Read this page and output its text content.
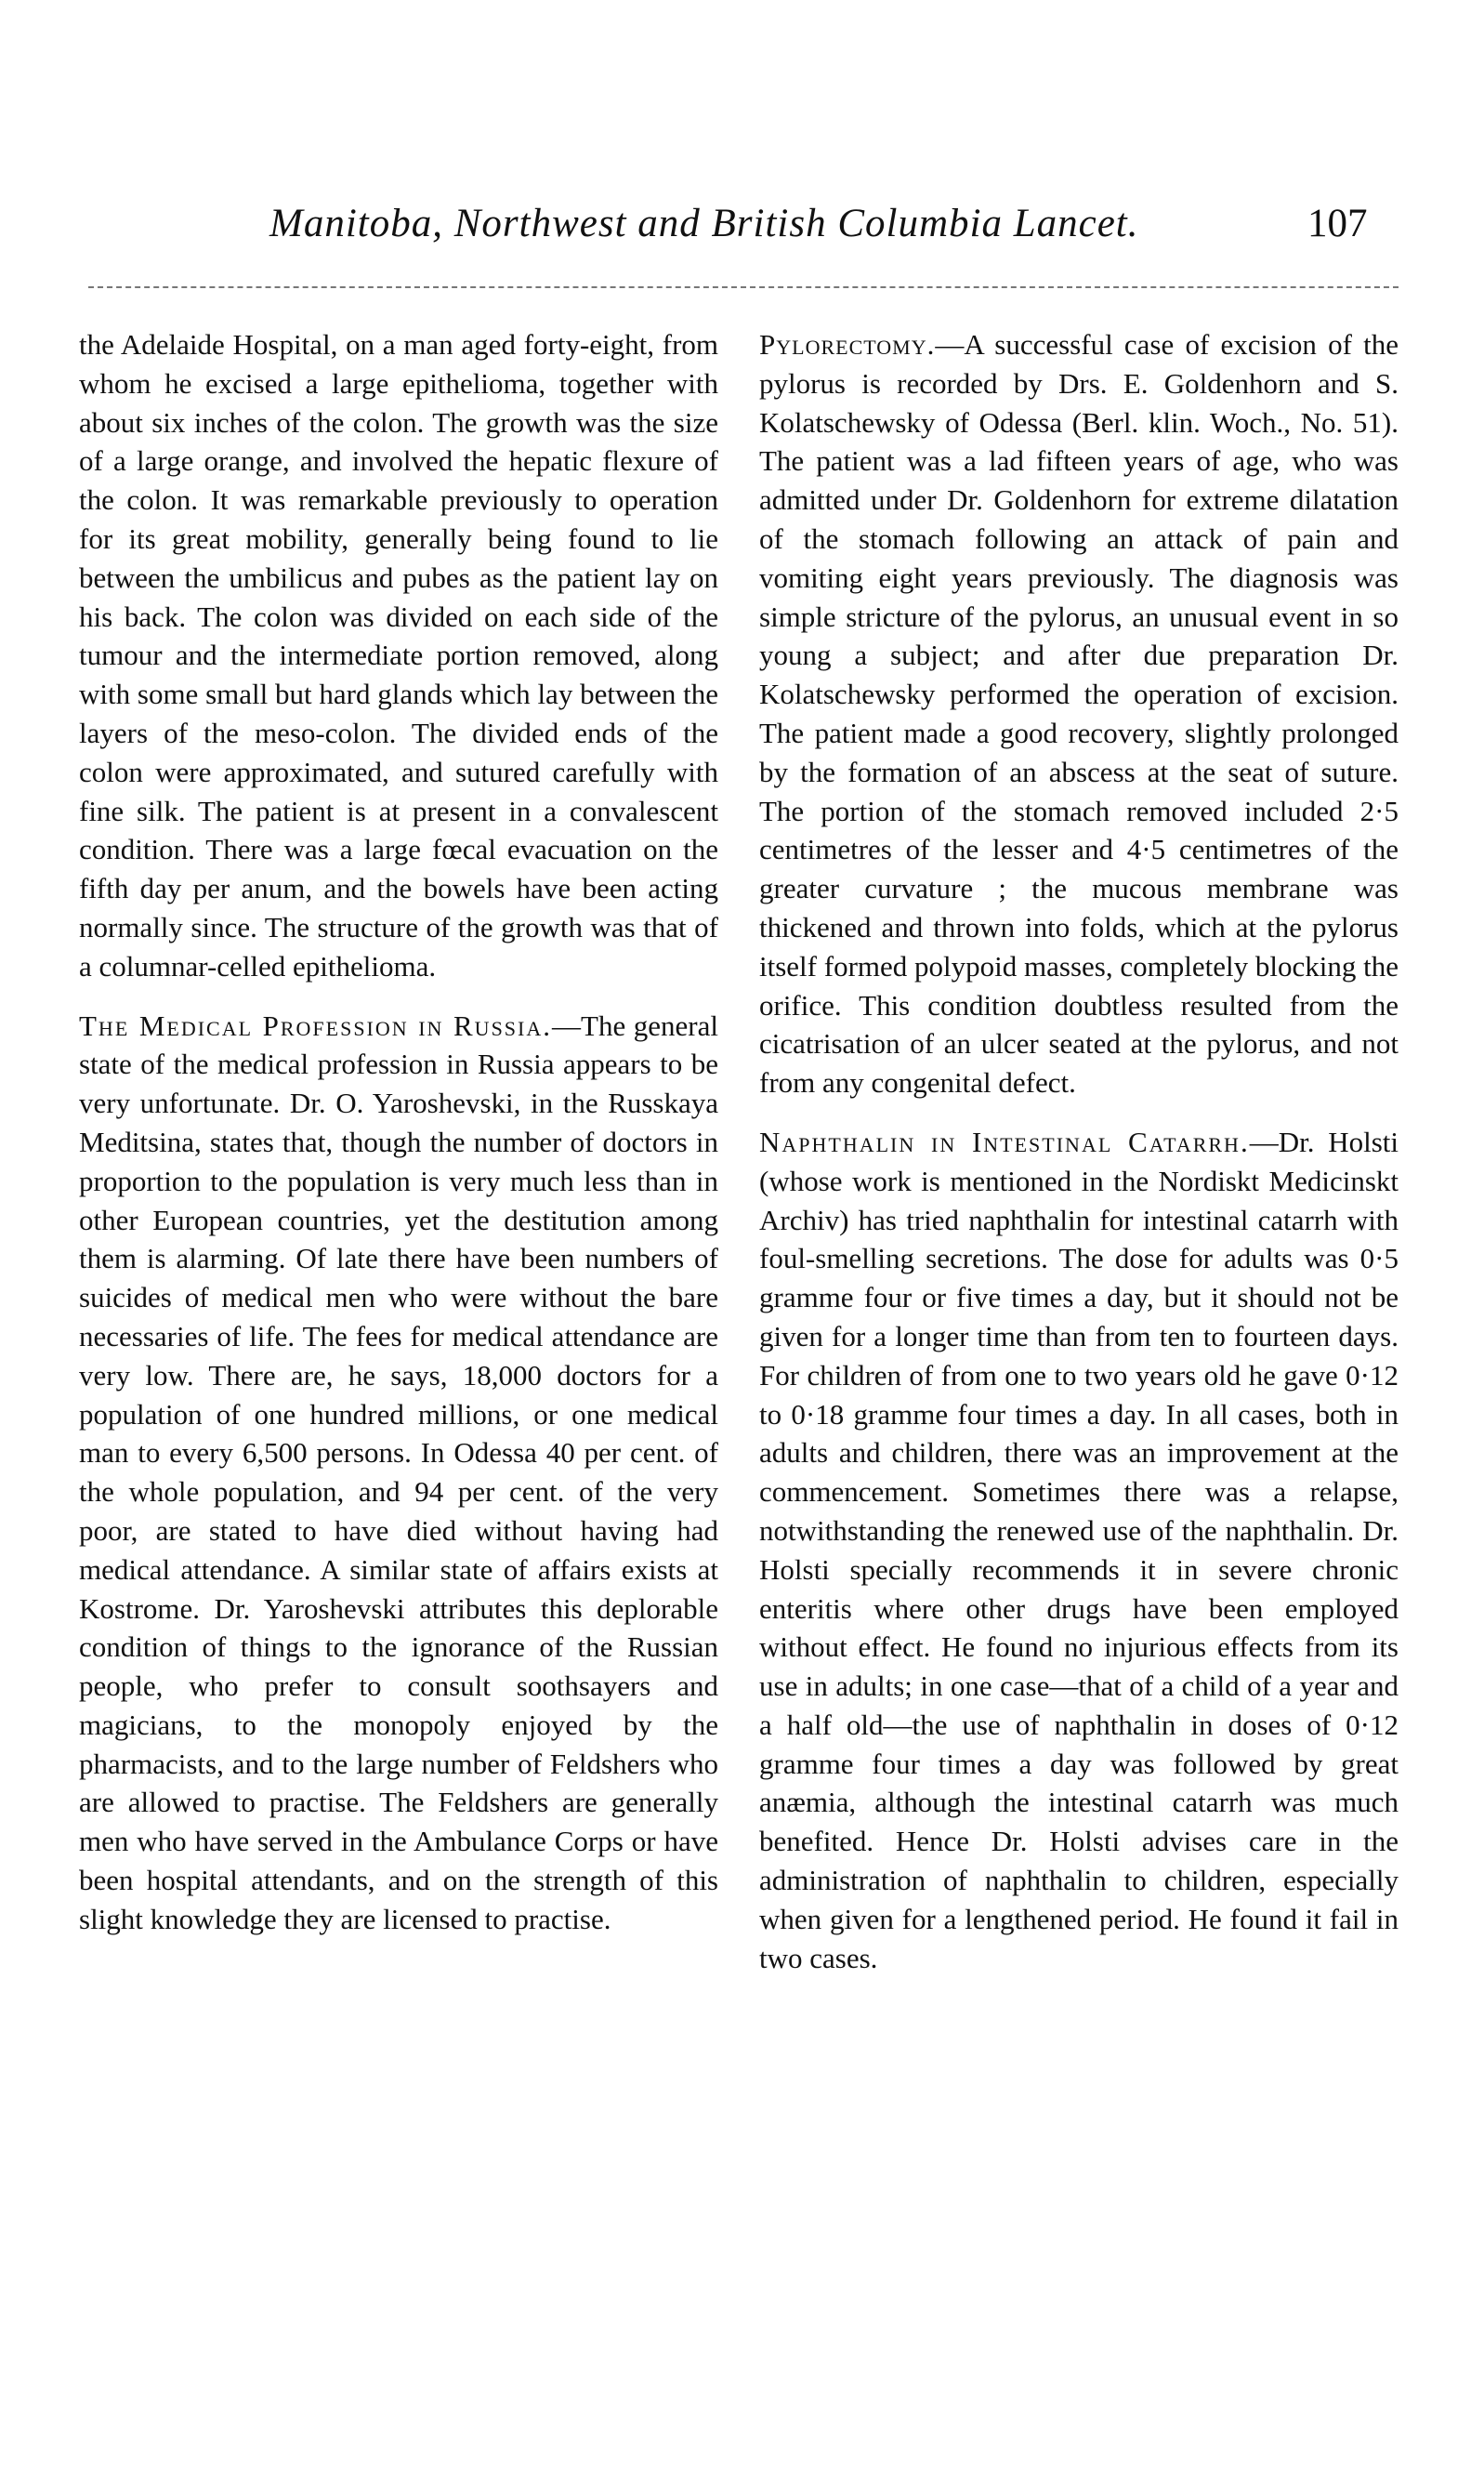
Manitoba, Northwest and British Columbia Lancet.	107

the Adelaide Hospital, on a man aged forty-eight, from whom he excised a large epithelioma, together with about six inches of the colon. The growth was the size of a large orange, and involved the hepatic flexure of the colon. It was remarkable previously to operation for its great mobility, generally being found to lie between the umbilicus and pubes as the patient lay on his back. The colon was divided on each side of the tumour and the intermediate portion removed, along with some small but hard glands which lay between the layers of the meso-colon. The divided ends of the colon were approximated, and sutured carefully with fine silk. The patient is at present in a convalescent condition. There was a large fœcal evacuation on the fifth day per anum, and the bowels have been acting normally since. The structure of the growth was that of a columnar-celled epithelioma.

The Medical Profession in Russia.—The general state of the medical profession in Russia appears to be very unfortunate. Dr. O. Yaroshevski, in the Russkaya Meditsina, states that, though the number of doctors in proportion to the population is very much less than in other European countries, yet the destitution among them is alarming. Of late there have been numbers of suicides of medical men who were without the bare necessaries of life. The fees for medical attendance are very low. There are, he says, 18,000 doctors for a population of one hundred millions, or one medical man to every 6,500 persons. In Odessa 40 per cent. of the whole population, and 94 per cent. of the very poor, are stated to have died without having had medical attendance. A similar state of affairs exists at Kostrome. Dr. Yaroshevski attributes this deplorable condition of things to the ignorance of the Russian people, who prefer to consult soothsayers and magicians, to the monopoly enjoyed by the pharmacists, and to the large number of Feldshers who are allowed to practise. The Feldshers are generally men who have served in the Ambulance Corps or have been hospital attendants, and on the strength of this slight knowledge they are licensed to practise.

Pylorectomy.—A successful case of excision of the pylorus is recorded by Drs. E. Goldenhorn and S. Kolatschewsky of Odessa (Berl. klin. Woch., No. 51). The patient was a lad fifteen years of age, who was admitted under Dr. Goldenhorn for extreme dilatation of the stomach following an attack of pain and vomiting eight years previously. The diagnosis was simple stricture of the pylorus, an unusual event in so young a subject; and after due preparation Dr. Kolatschewsky performed the operation of excision. The patient made a good recovery, slightly prolonged by the formation of an abscess at the seat of suture. The portion of the stomach removed included 2·5 centimetres of the lesser and 4·5 centimetres of the greater curvature ; the mucous membrane was thickened and thrown into folds, which at the pylorus itself formed polypoid masses, completely blocking the orifice. This condition doubtless resulted from the cicatrisation of an ulcer seated at the pylorus, and not from any congenital defect.

Naphthalin in Intestinal Catarrh.—Dr. Holsti (whose work is mentioned in the Nordiskt Medicinskt Archiv) has tried naphthalin for intestinal catarrh with foul-smelling secretions. The dose for adults was 0·5 gramme four or five times a day, but it should not be given for a longer time than from ten to fourteen days. For children of from one to two years old he gave 0·12 to 0·18 gramme four times a day. In all cases, both in adults and children, there was an improvement at the commencement. Sometimes there was a relapse, notwithstanding the renewed use of the naphthalin. Dr. Holsti specially recommends it in severe chronic enteritis where other drugs have been employed without effect. He found no injurious effects from its use in adults; in one case—that of a child of a year and a half old—the use of naphthalin in doses of 0·12 gramme four times a day was followed by great anæmia, although the intestinal catarrh was much benefited. Hence Dr. Holsti advises care in the administration of naphthalin to children, especially when given for a lengthened period. He found it fail in two cases.
